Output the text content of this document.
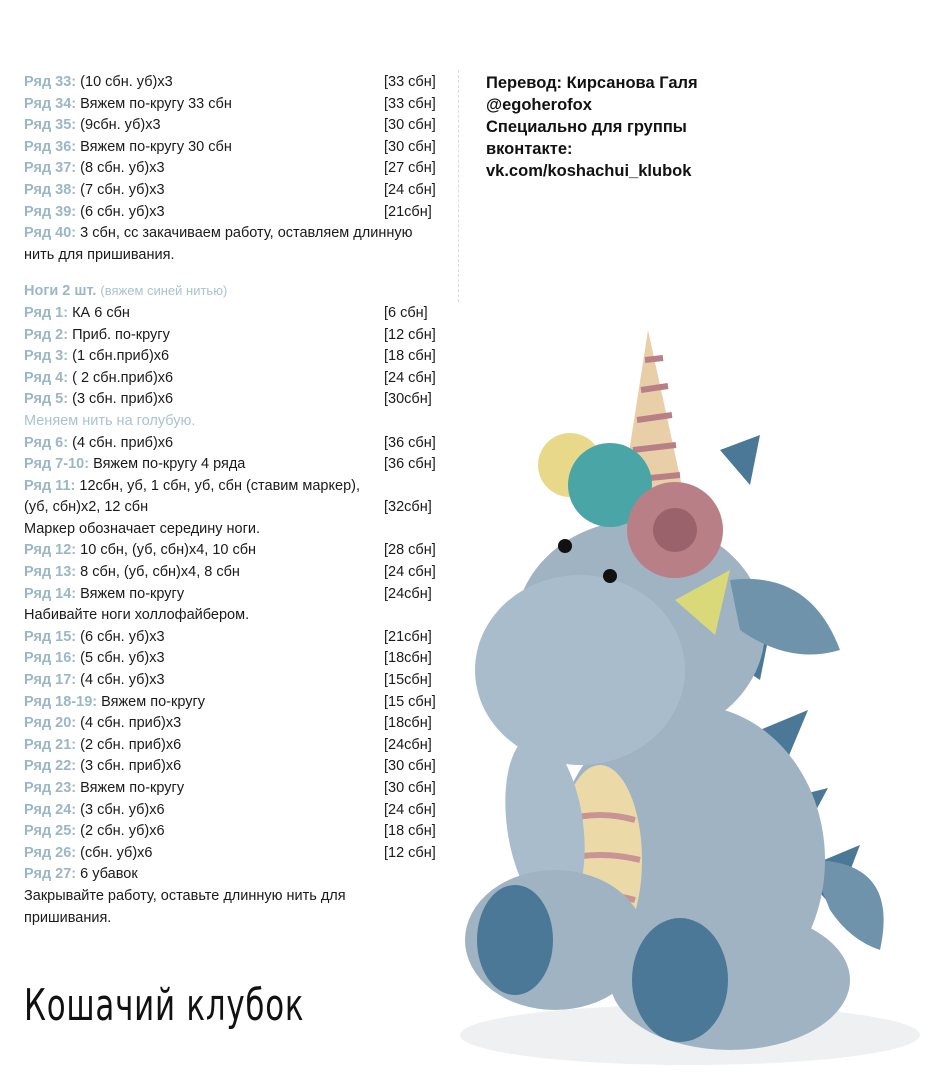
Ряд 33: (10 сбн. уб)х3	[33 сбн]
Ряд 34: Вяжем по-кругу 33 сбн	[33 сбн]
Ряд 35: (9сбн. уб)х3	[30 сбн]
Ряд 36: Вяжем по-кругу 30 сбн	[30 сбн]
Ряд 37: (8 сбн. уб)х3	[27 сбн]
Ряд 38: (7 сбн. уб)х3	[24 сбн]
Ряд 39: (6 сбн. уб)х3	[21сбн]
Ряд 40: 3 сбн, сс закачиваем работу, оставляем длинную нить для пришивания.
Ноги 2 шт. (вяжем синей нитью)
Ряд 1: КА 6 сбн	[6 сбн]
Ряд 2: Приб. по-кругу	[12 сбн]
Ряд 3: (1 сбн.приб)х6	[18 сбн]
Ряд 4: ( 2 сбн.приб)х6	[24 сбн]
Ряд 5: (3 сбн. приб)х6	[30сбн]
Меняем нить на голубую.
Ряд 6: (4 сбн. приб)х6	[36 сбн]
Ряд 7-10: Вяжем по-кругу 4 ряда	[36 сбн]
Ряд 11: 12сбн, уб, 1 сбн, уб, сбн (ставим маркер),
(уб, сбн)х2, 12 сбн	[32сбн]
Маркер обозначает середину ноги.
Ряд 12: 10 сбн, (уб, сбн)х4, 10 сбн	[28 сбн]
Ряд 13: 8 сбн, (уб, сбн)х4, 8 сбн	[24 сбн]
Ряд 14: Вяжем по-кругу	[24сбн]
Набивайте ноги холлофайбером.
Ряд 15: (6 сбн. уб)х3	[21сбн]
Ряд 16: (5 сбн. уб)х3	[18сбн]
Ряд 17: (4 сбн. уб)х3	[15сбн]
Ряд 18-19: Вяжем по-кругу	[15 сбн]
Ряд 20: (4 сбн. приб)х3	[18сбн]
Ряд 21: (2 сбн. приб)х6	[24сбн]
Ряд 22: (3 сбн. приб)х6	[30 сбн]
Ряд 23: Вяжем по-кругу	[30 сбн]
Ряд 24: (3 сбн. уб)х6	[24 сбн]
Ряд 25: (2 сбн. уб)х6	[18 сбн]
Ряд 26: (сбн. уб)х6	[12 сбн]
Ряд 27: 6 убавок
Закрывайте работу, оставьте длинную нить для пришивания.
Перевод: Кирсанова Галя
@egoherofox
Специально для группы
вконтакте:
vk.com/koshachui_klubok
Кошачий клубок
